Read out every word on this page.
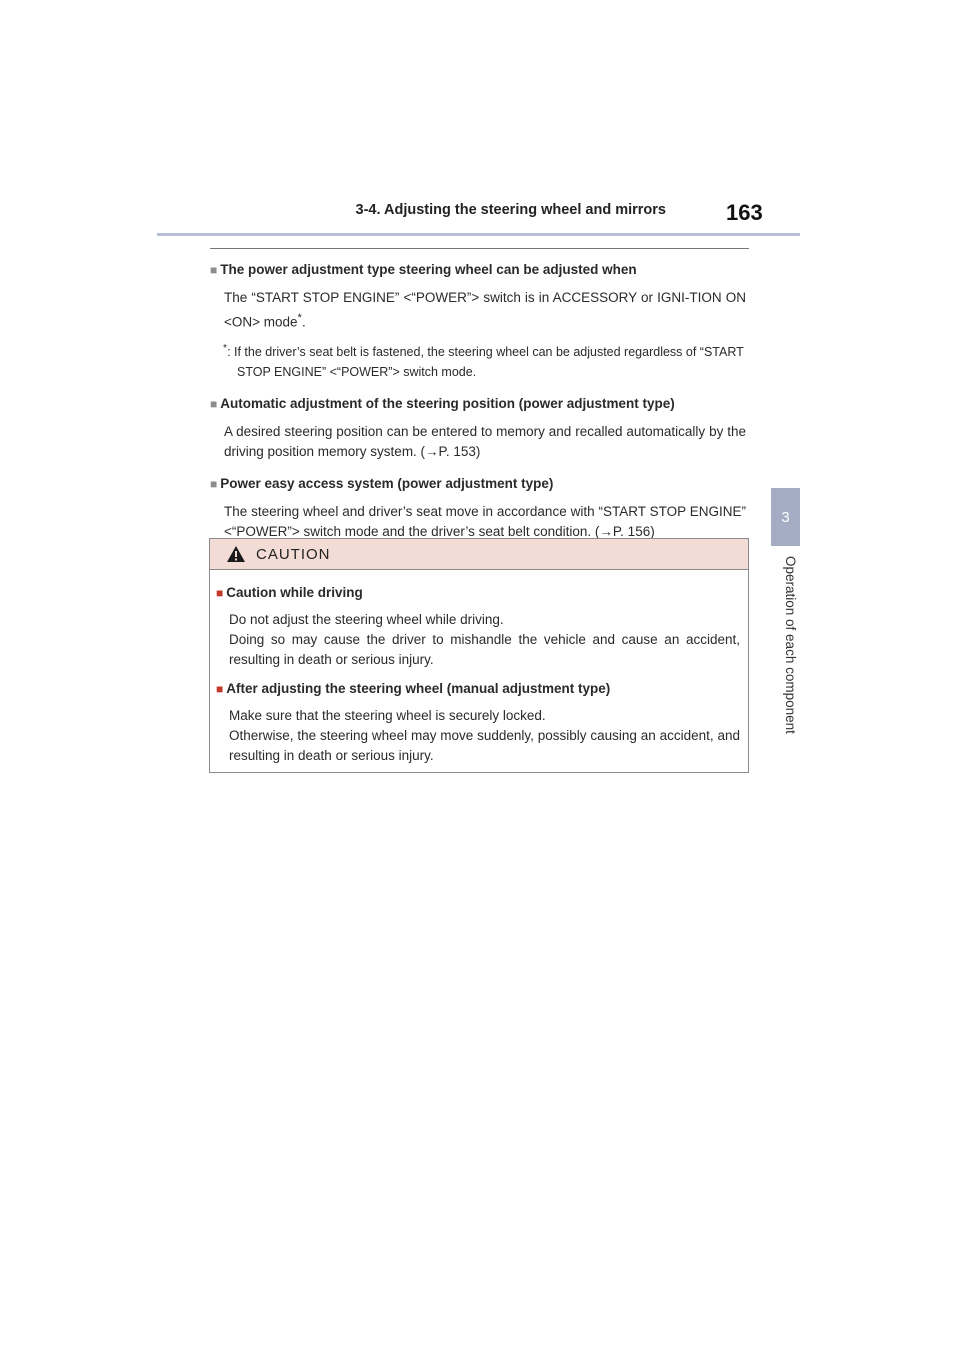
3-4. Adjusting the steering wheel and mirrors	163
3
Operation of each component

■ The power adjustment type steering wheel can be adjusted when

The “START STOP ENGINE” <“POWER”> switch is in ACCESSORY or IGNI-TION ON <ON> mode*.

*: If the driver’s seat belt is fastened, the steering wheel can be adjusted regardless of “START STOP ENGINE” <“POWER”> switch mode.

■ Automatic adjustment of the steering position (power adjustment type)

A desired steering position can be entered to memory and recalled automatically by the driving position memory system. (→P. 153)

■ Power easy access system (power adjustment type)

The steering wheel and driver’s seat move in accordance with “START STOP ENGINE” <“POWER”> switch mode and the driver’s seat belt condition. (→P. 156)

CAUTION

■ Caution while driving

Do not adjust the steering wheel while driving.

Doing so may cause the driver to mishandle the vehicle and cause an accident, resulting in death or serious injury.

■ After adjusting the steering wheel (manual adjustment type)

Make sure that the steering wheel is securely locked.

Otherwise, the steering wheel may move suddenly, possibly causing an accident, and resulting in death or serious injury.
